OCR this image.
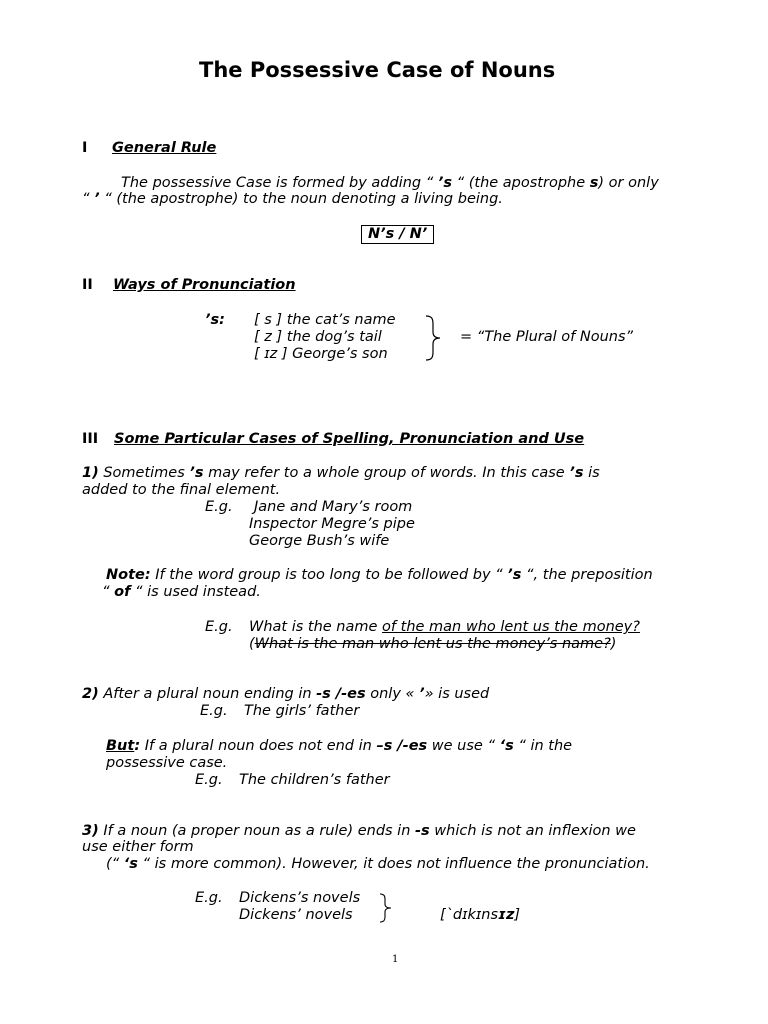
The Possessive Case of Nouns
I General Rule
The possessive Case is formed by adding “ ’s “ (the apostrophe s) or only
“ ’ “ (the apostrophe) to the noun denoting a living being.
N’s / N’
II Ways of Pronunciation
’s: [ s ] the cat’s name
[ z ] the dog’s tail
[ ɪz ] George’s son
= “The Plural of Nouns”
III Some Particular Cases of Spelling, Pronunciation and Use
1) Sometimes ’s may refer to a whole group of words. In this case ’s is
added to the final element.
E.g. Jane and Mary’s room
Inspector Megre’s pipe
George Bush’s wife
Note: If the word group is too long to be followed by “ ’s “, the preposition
“ of “ is used instead.
E.g. What is the name of the man who lent us the money?
(What is the man who lent us the money’s name?)
2) After a plural noun ending in -s /-es only « ’» is used
E.g. The girls’ father
But: If a plural noun does not end in –s /-es we use “ ‘s “ in the
possessive case.
E.g. The children’s father
3) If a noun (a proper noun as a rule) ends in -s which is not an inflexion we
use either form
(“ ‘s “ is more common). However, it does not influence the pronunciation.
E.g. Dickens’s novels
Dickens’ novels	[`dɪkɪnsɪz]
1
